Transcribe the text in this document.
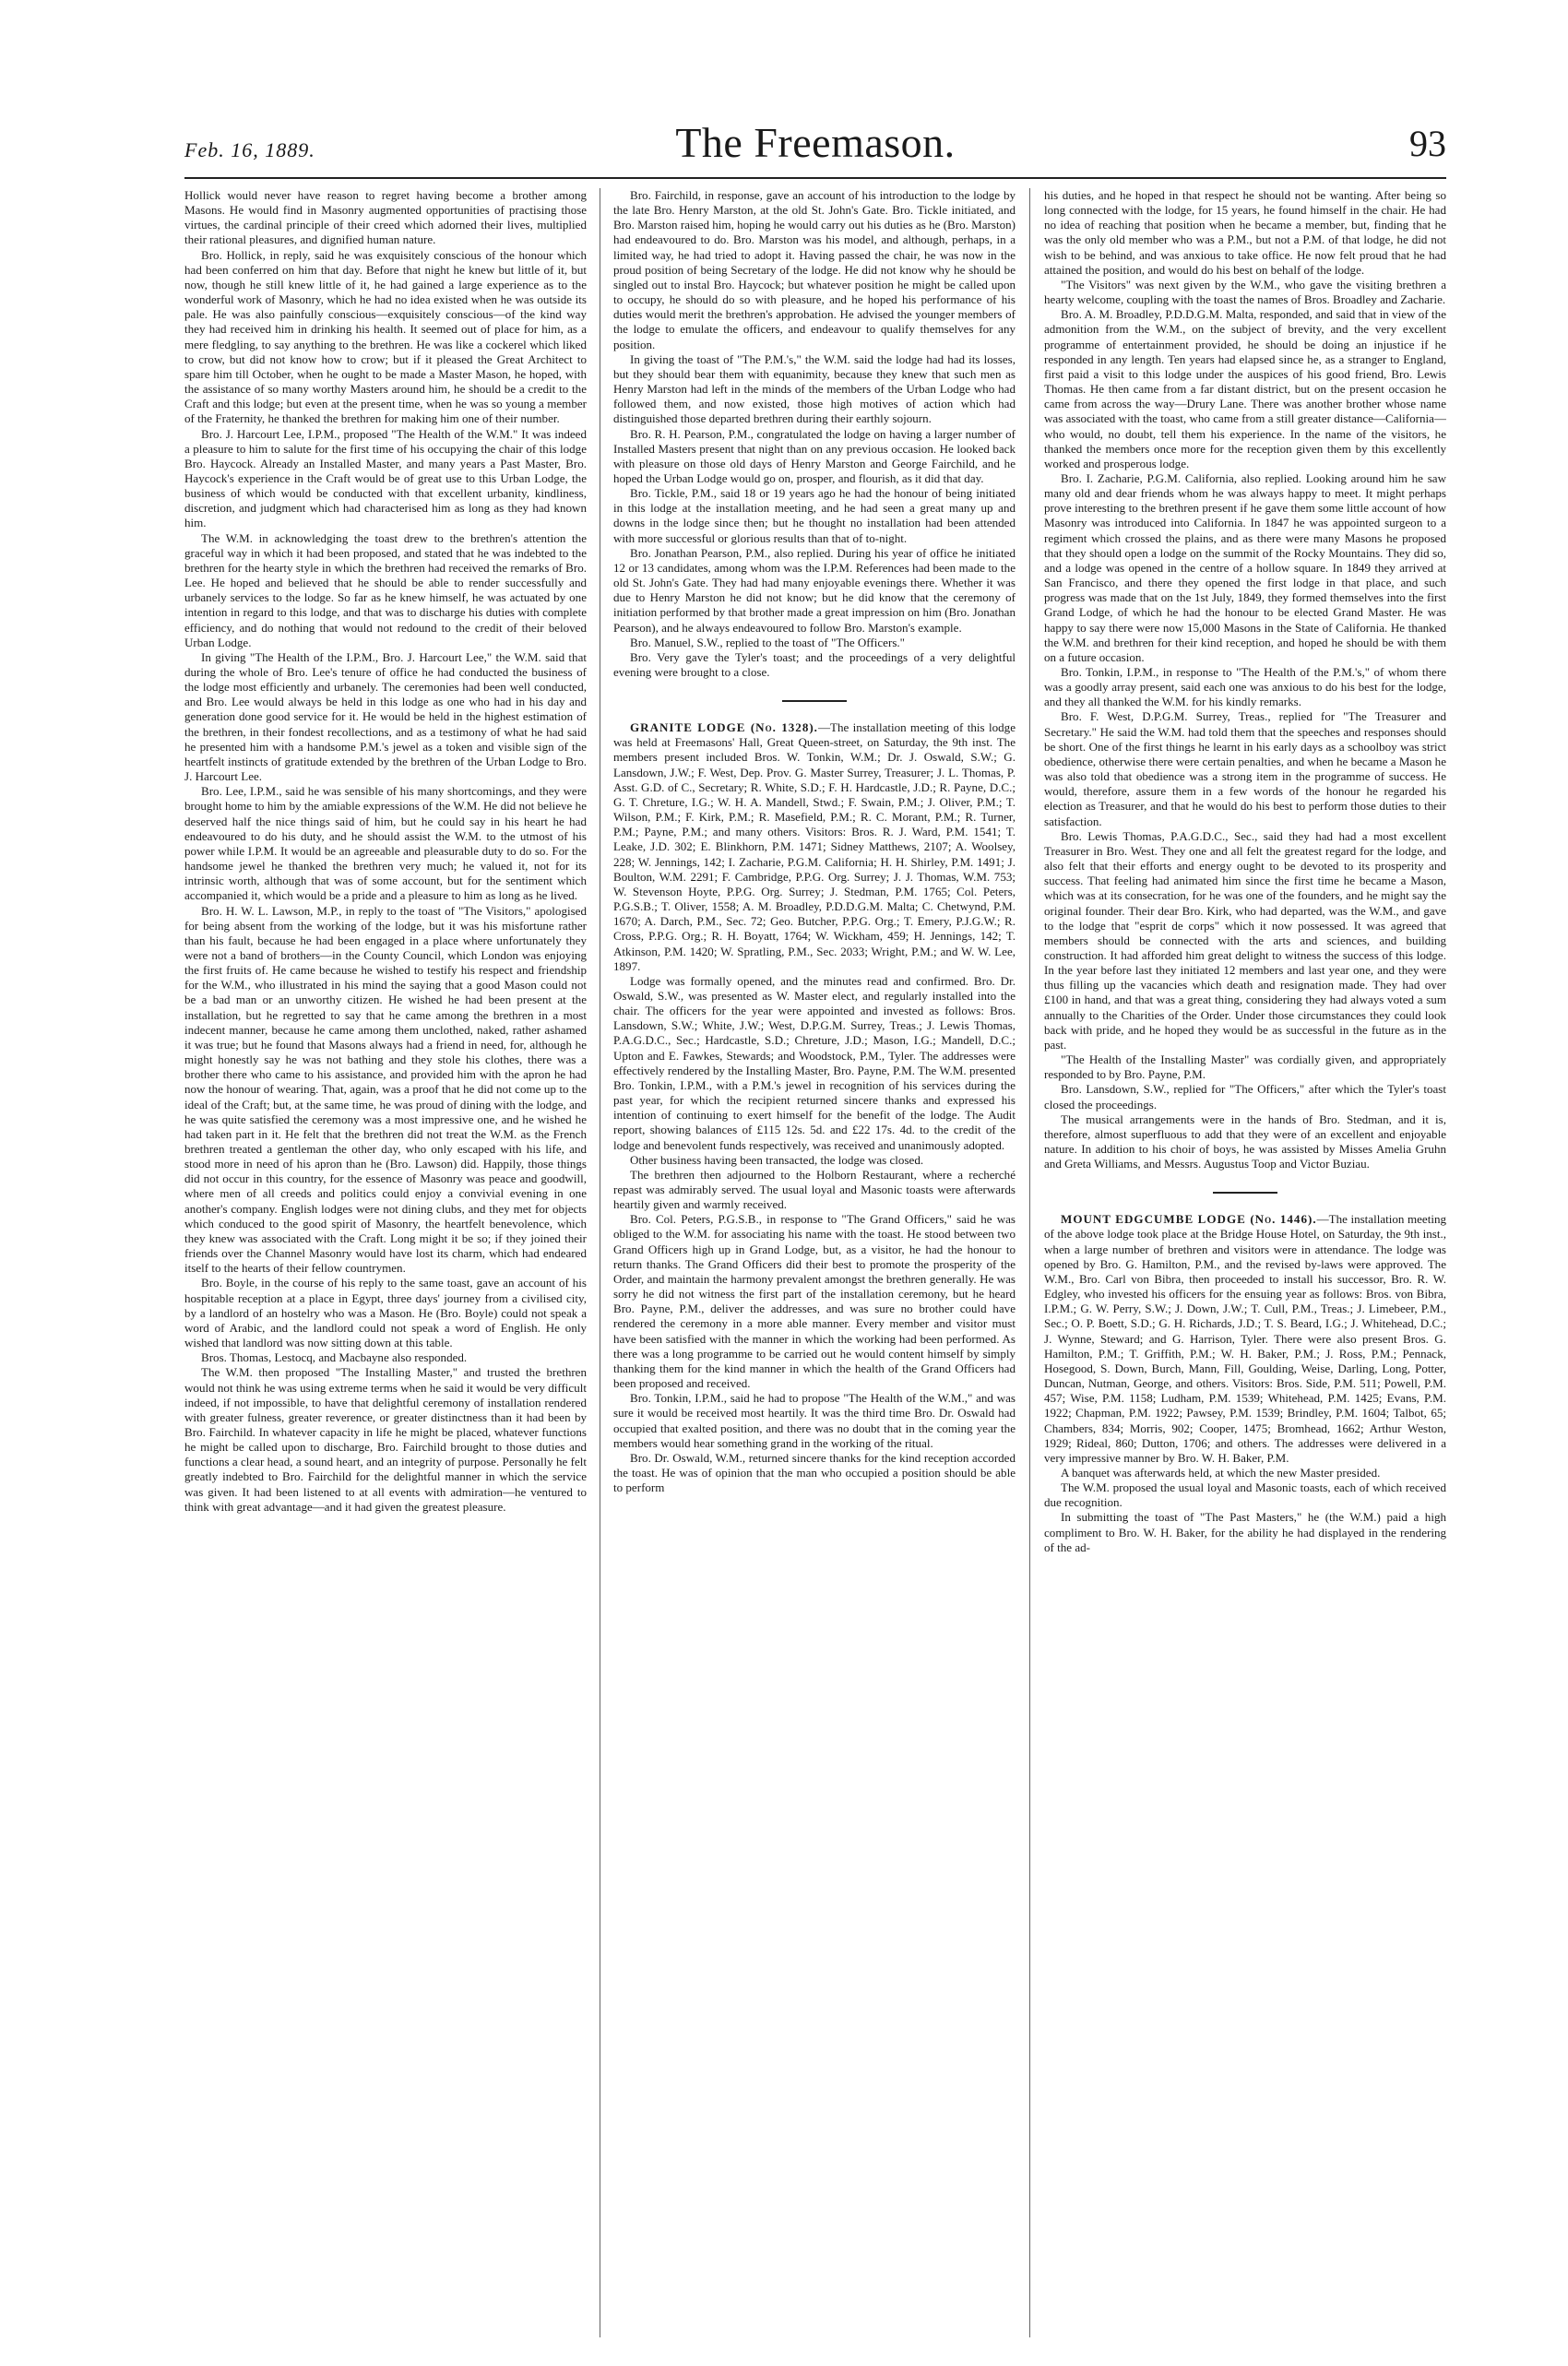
Feb. 16, 1889.	The Freemason.	93

Hollick would never have reason to regret having become a brother among Masons. He would find in Masonry augmented opportunities of practising those virtues, the cardinal principle of their creed which adorned their lives, multiplied their rational pleasures, and dignified human nature.

Bro. Hollick, in reply, said he was exquisitely conscious of the honour which had been conferred on him that day. Before that night he knew but little of it, but now, though he still knew little of it, he had gained a large experience as to the wonderful work of Masonry, which he had no idea existed when he was outside its pale. He was also painfully conscious—exquisitely conscious—of the kind way they had received him in drinking his health. It seemed out of place for him, as a mere fledgling, to say anything to the brethren. He was like a cockerel which liked to crow, but did not know how to crow; but if it pleased the Great Architect to spare him till October, when he ought to be made a Master Mason, he hoped, with the assistance of so many worthy Masters around him, he should be a credit to the Craft and this lodge; but even at the present time, when he was so young a member of the Fraternity, he thanked the brethren for making him one of their number.

Bro. J. Harcourt Lee, I.P.M., proposed "The Health of the W.M." It was indeed a pleasure to him to salute for the first time of his occupying the chair of this lodge Bro. Haycock. Already an Installed Master, and many years a Past Master, Bro. Haycock's experience in the Craft would be of great use to this Urban Lodge, the business of which would be conducted with that excellent urbanity, kindliness, discretion, and judgment which had characterised him as long as they had known him.

The W.M. in acknowledging the toast drew to the brethren's attention the graceful way in which it had been proposed, and stated that he was indebted to the brethren for the hearty style in which the brethren had received the remarks of Bro. Lee. He hoped and believed that he should be able to render successfully and urbanely services to the lodge. So far as he knew himself, he was actuated by one intention in regard to this lodge, and that was to discharge his duties with complete efficiency, and do nothing that would not redound to the credit of their beloved Urban Lodge.

In giving "The Health of the I.P.M., Bro. J. Harcourt Lee," the W.M. said that during the whole of Bro. Lee's tenure of office he had conducted the business of the lodge most efficiently and urbanely. The ceremonies had been well conducted, and Bro. Lee would always be held in this lodge as one who had in his day and generation done good service for it. He would be held in the highest estimation of the brethren, in their fondest recollections, and as a testimony of what he had said he presented him with a handsome P.M.'s jewel as a token and visible sign of the heartfelt instincts of gratitude extended by the brethren of the Urban Lodge to Bro. J. Harcourt Lee.

Bro. Lee, I.P.M., said he was sensible of his many shortcomings, and they were brought home to him by the amiable expressions of the W.M. He did not believe he deserved half the nice things said of him, but he could say in his heart he had endeavoured to do his duty, and he should assist the W.M. to the utmost of his power while I.P.M. It would be an agreeable and pleasurable duty to do so. For the handsome jewel he thanked the brethren very much; he valued it, not for its intrinsic worth, although that was of some account, but for the sentiment which accompanied it, which would be a pride and a pleasure to him as long as he lived.

Bro. H. W. L. Lawson, M.P., in reply to the toast of "The Visitors," apologised for being absent from the working of the lodge, but it was his misfortune rather than his fault, because he had been engaged in a place where unfortunately they were not a band of brothers—in the County Council, which London was enjoying the first fruits of. He came because he wished to testify his respect and friendship for the W.M., who illustrated in his mind the saying that a good Mason could not be a bad man or an unworthy citizen. He wished he had been present at the installation, but he regretted to say that he came among the brethren in a most indecent manner, because he came among them unclothed, naked, rather ashamed it was true; but he found that Masons always had a friend in need, for, although he might honestly say he was not bathing and they stole his clothes, there was a brother there who came to his assistance, and provided him with the apron he had now the honour of wearing. That, again, was a proof that he did not come up to the ideal of the Craft; but, at the same time, he was proud of dining with the lodge, and he was quite satisfied the ceremony was a most impressive one, and he wished he had taken part in it. He felt that the brethren did not treat the W.M. as the French brethren treated a gentleman the other day, who only escaped with his life, and stood more in need of his apron than he (Bro. Lawson) did. Happily, those things did not occur in this country, for the essence of Masonry was peace and goodwill, where men of all creeds and politics could enjoy a convivial evening in one another's company. English lodges were not dining clubs, and they met for objects which conduced to the good spirit of Masonry, the heartfelt benevolence, which they knew was associated with the Craft. Long might it be so; if they joined their friends over the Channel Masonry would have lost its charm, which had endeared itself to the hearts of their fellow countrymen.

Bro. Boyle, in the course of his reply to the same toast, gave an account of his hospitable reception at a place in Egypt, three days' journey from a civilised city, by a landlord of an hostelry who was a Mason. He (Bro. Boyle) could not speak a word of Arabic, and the landlord could not speak a word of English. He only wished that landlord was now sitting down at this table.

Bros. Thomas, Lestocq, and Macbayne also responded.

The W.M. then proposed "The Installing Master," and trusted the brethren would not think he was using extreme terms when he said it would be very difficult indeed, if not impossible, to have that delightful ceremony of installation rendered with greater fulness, greater reverence, or greater distinctness than it had been by Bro. Fairchild. In whatever capacity in life he might be placed, whatever functions he might be called upon to discharge, Bro. Fairchild brought to those duties and functions a clear head, a sound heart, and an integrity of purpose. Personally he felt greatly indebted to Bro. Fairchild for the delightful manner in which the service was given. It had been listened to at all events with admiration—he ventured to think with great advantage—and it had given the greatest pleasure.

Bro. Fairchild, in response, gave an account of his introduction to the lodge by the late Bro. Henry Marston, at the old St. John's Gate. Bro. Tickle initiated, and Bro. Marston raised him, hoping he would carry out his duties as he (Bro. Marston) had endeavoured to do. Bro. Marston was his model, and although, perhaps, in a limited way, he had tried to adopt it. Having passed the chair, he was now in the proud position of being Secretary of the lodge. He did not know why he should be singled out to instal Bro. Haycock; but whatever position he might be called upon to occupy, he should do so with pleasure, and he hoped his performance of his duties would merit the brethren's approbation. He advised the younger members of the lodge to emulate the officers, and endeavour to qualify themselves for any position.

In giving the toast of "The P.M.'s," the W.M. said the lodge had had its losses, but they should bear them with equanimity, because they knew that such men as Henry Marston had left in the minds of the members of the Urban Lodge who had followed them, and now existed, those high motives of action which had distinguished those departed brethren during their earthly sojourn.

Bro. R. H. Pearson, P.M., congratulated the lodge on having a larger number of Installed Masters present that night than on any previous occasion. He looked back with pleasure on those old days of Henry Marston and George Fairchild, and he hoped the Urban Lodge would go on, prosper, and flourish, as it did that day.

Bro. Tickle, P.M., said 18 or 19 years ago he had the honour of being initiated in this lodge at the installation meeting, and he had seen a great many up and downs in the lodge since then; but he thought no installation had been attended with more successful or glorious results than that of to-night.

Bro. Jonathan Pearson, P.M., also replied. During his year of office he initiated 12 or 13 candidates, among whom was the I.P.M. References had been made to the old St. John's Gate. They had had many enjoyable evenings there. Whether it was due to Henry Marston he did not know; but he did know that the ceremony of initiation performed by that brother made a great impression on him (Bro. Jonathan Pearson), and he always endeavoured to follow Bro. Marston's example.

Bro. Manuel, S.W., replied to the toast of "The Officers."

Bro. Very gave the Tyler's toast; and the proceedings of a very delightful evening were brought to a close.

GRANITE LODGE (No. 1328).—The installation meeting of this lodge was held at Freemasons' Hall, Great Queen-street, on Saturday, the 9th inst. The members present included Bros. W. Tonkin, W.M.; Dr. J. Oswald, S.W.; G. Lansdown, J.W.; F. West, Dep. Prov. G. Master Surrey, Treasurer; J. L. Thomas, P. Asst. G.D. of C., Secretary; R. White, S.D.; F. H. Hardcastle, J.D.; R. Payne, D.C.; G. T. Chreture, I.G.; W. H. A. Mandell, Stwd.; F. Swain, P.M.; J. Oliver, P.M.; T. Wilson, P.M.; F. Kirk, P.M.; R. Masefield, P.M.; R. C. Morant, P.M.; R. Turner, P.M.; Payne, P.M.; and many others. Visitors: Bros. R. J. Ward, P.M. 1541; T. Leake, J.D. 302; E. Blinkhorn, P.M. 1471; Sidney Matthews, 2107; A. Woolsey, 228; W. Jennings, 142; I. Zacharie, P.G.M. California; H. H. Shirley, P.M. 1491; J. Boulton, W.M. 2291; F. Cambridge, P.P.G. Org. Surrey; J. J. Thomas, W.M. 753; W. Stevenson Hoyte, P.P.G. Org. Surrey; J. Stedman, P.M. 1765; Col. Peters, P.G.S.B.; T. Oliver, 1558; A. M. Broadley, P.D.D.G.M. Malta; C. Chetwynd, P.M. 1670; A. Darch, P.M., Sec. 72; Geo. Butcher, P.P.G. Org.; T. Emery, P.J.G.W.; R. Cross, P.P.G. Org.; R. H. Boyatt, 1764; W. Wickham, 459; H. Jennings, 142; T. Atkinson, P.M. 1420; W. Spratling, P.M., Sec. 2033; Wright, P.M.; and W. W. Lee, 1897.

Lodge was formally opened, and the minutes read and confirmed. Bro. Dr. Oswald, S.W., was presented as W. Master elect, and regularly installed into the chair. The officers for the year were appointed and invested as follows: Bros. Lansdown, S.W.; White, J.W.; West, D.P.G.M. Surrey, Treas.; J. Lewis Thomas, P.A.G.D.C., Sec.; Hardcastle, S.D.; Chreture, J.D.; Mason, I.G.; Mandell, D.C.; Upton and E. Fawkes, Stewards; and Woodstock, P.M., Tyler. The addresses were effectively rendered by the Installing Master, Bro. Payne, P.M. The W.M. presented Bro. Tonkin, I.P.M., with a P.M.'s jewel in recognition of his services during the past year, for which the recipient returned sincere thanks and expressed his intention of continuing to exert himself for the benefit of the lodge. The Audit report, showing balances of £115 12s. 5d. and £22 17s. 4d. to the credit of the lodge and benevolent funds respectively, was received and unanimously adopted.

Other business having been transacted, the lodge was closed.

The brethren then adjourned to the Holborn Restaurant, where a recherché repast was admirably served. The usual loyal and Masonic toasts were afterwards heartily given and warmly received.

Bro. Col. Peters, P.G.S.B., in response to "The Grand Officers," said he was obliged to the W.M. for associating his name with the toast. He stood between two Grand Officers high up in Grand Lodge, but, as a visitor, he had the honour to return thanks. The Grand Officers did their best to promote the prosperity of the Order, and maintain the harmony prevalent amongst the brethren generally. He was sorry he did not witness the first part of the installation ceremony, but he heard Bro. Payne, P.M., deliver the addresses, and was sure no brother could have rendered the ceremony in a more able manner. Every member and visitor must have been satisfied with the manner in which the working had been performed. As there was a long programme to be carried out he would content himself by simply thanking them for the kind manner in which the health of the Grand Officers had been proposed and received.

Bro. Tonkin, I.P.M., said he had to propose "The Health of the W.M.," and was sure it would be received most heartily. It was the third time Bro. Dr. Oswald had occupied that exalted position, and there was no doubt that in the coming year the members would hear something grand in the working of the ritual.

Bro. Dr. Oswald, W.M., returned sincere thanks for the kind reception accorded the toast. He was of opinion that the man who occupied a position should be able to perform

his duties, and he hoped in that respect he should not be wanting. After being so long connected with the lodge, for 15 years, he found himself in the chair. He had no idea of reaching that position when he became a member, but, finding that he was the only old member who was a P.M., but not a P.M. of that lodge, he did not wish to be behind, and was anxious to take office. He now felt proud that he had attained the position, and would do his best on behalf of the lodge.

"The Visitors" was next given by the W.M., who gave the visiting brethren a hearty welcome, coupling with the toast the names of Bros. Broadley and Zacharie.

Bro. A. M. Broadley, P.D.D.G.M. Malta, responded, and said that in view of the admonition from the W.M., on the subject of brevity, and the very excellent programme of entertainment provided, he should be doing an injustice if he responded in any length. Ten years had elapsed since he, as a stranger to England, first paid a visit to this lodge under the auspices of his good friend, Bro. Lewis Thomas. He then came from a far distant district, but on the present occasion he came from across the way—Drury Lane. There was another brother whose name was associated with the toast, who came from a still greater distance—California—who would, no doubt, tell them his experience. In the name of the visitors, he thanked the members once more for the reception given them by this excellently worked and prosperous lodge.

Bro. I. Zacharie, P.G.M. California, also replied. Looking around him he saw many old and dear friends whom he was always happy to meet. It might perhaps prove interesting to the brethren present if he gave them some little account of how Masonry was introduced into California. In 1847 he was appointed surgeon to a regiment which crossed the plains, and as there were many Masons he proposed that they should open a lodge on the summit of the Rocky Mountains. They did so, and a lodge was opened in the centre of a hollow square. In 1849 they arrived at San Francisco, and there they opened the first lodge in that place, and such progress was made that on the 1st July, 1849, they formed themselves into the first Grand Lodge, of which he had the honour to be elected Grand Master. He was happy to say there were now 15,000 Masons in the State of California. He thanked the W.M. and brethren for their kind reception, and hoped he should be with them on a future occasion.

Bro. Tonkin, I.P.M., in response to "The Health of the P.M.'s," of whom there was a goodly array present, said each one was anxious to do his best for the lodge, and they all thanked the W.M. for his kindly remarks.

Bro. F. West, D.P.G.M. Surrey, Treas., replied for "The Treasurer and Secretary." He said the W.M. had told them that the speeches and responses should be short. One of the first things he learnt in his early days as a schoolboy was strict obedience, otherwise there were certain penalties, and when he became a Mason he was also told that obedience was a strong item in the programme of success. He would, therefore, assure them in a few words of the honour he regarded his election as Treasurer, and that he would do his best to perform those duties to their satisfaction.

Bro. Lewis Thomas, P.A.G.D.C., Sec., said they had had a most excellent Treasurer in Bro. West. They one and all felt the greatest regard for the lodge, and also felt that their efforts and energy ought to be devoted to its prosperity and success. That feeling had animated him since the first time he became a Mason, which was at its consecration, for he was one of the founders, and he might say the original founder. Their dear Bro. Kirk, who had departed, was the W.M., and gave to the lodge that "esprit de corps" which it now possessed. It was agreed that members should be connected with the arts and sciences, and building construction. It had afforded him great delight to witness the success of this lodge. In the year before last they initiated 12 members and last year one, and they were thus filling up the vacancies which death and resignation made. They had over £100 in hand, and that was a great thing, considering they had always voted a sum annually to the Charities of the Order. Under those circumstances they could look back with pride, and he hoped they would be as successful in the future as in the past.

"The Health of the Installing Master" was cordially given, and appropriately responded to by Bro. Payne, P.M.

Bro. Lansdown, S.W., replied for "The Officers," after which the Tyler's toast closed the proceedings.

The musical arrangements were in the hands of Bro. Stedman, and it is, therefore, almost superfluous to add that they were of an excellent and enjoyable nature. In addition to his choir of boys, he was assisted by Misses Amelia Gruhn and Greta Williams, and Messrs. Augustus Toop and Victor Buziau.

MOUNT EDGCUMBE LODGE (No. 1446).—The installation meeting of the above lodge took place at the Bridge House Hotel, on Saturday, the 9th inst., when a large number of brethren and visitors were in attendance. The lodge was opened by Bro. G. Hamilton, P.M., and the revised by-laws were approved. The W.M., Bro. Carl von Bibra, then proceeded to install his successor, Bro. R. W. Edgley, who invested his officers for the ensuing year as follows: Bros. von Bibra, I.P.M.; G. W. Perry, S.W.; J. Down, J.W.; T. Cull, P.M., Treas.; J. Limebeer, P.M., Sec.; O. P. Boett, S.D.; G. H. Richards, J.D.; T. S. Beard, I.G.; J. Whitehead, D.C.; J. Wynne, Steward; and G. Harrison, Tyler. There were also present Bros. G. Hamilton, P.M.; T. Griffith, P.M.; W. H. Baker, P.M.; J. Ross, P.M.; Pennack, Hosegood, S. Down, Burch, Mann, Fill, Goulding, Weise, Darling, Long, Potter, Duncan, Nutman, George, and others. Visitors: Bros. Side, P.M. 511; Powell, P.M. 457; Wise, P.M. 1158; Ludham, P.M. 1539; Whitehead, P.M. 1425; Evans, P.M. 1922; Chapman, P.M. 1922; Pawsey, P.M. 1539; Brindley, P.M. 1604; Talbot, 65; Chambers, 834; Morris, 902; Cooper, 1475; Bromhead, 1662; Arthur Weston, 1929; Rideal, 860; Dutton, 1706; and others. The addresses were delivered in a very impressive manner by Bro. W. H. Baker, P.M.

A banquet was afterwards held, at which the new Master presided.

The W.M. proposed the usual loyal and Masonic toasts, each of which received due recognition.

In submitting the toast of "The Past Masters," he (the W.M.) paid a high compliment to Bro. W. H. Baker, for the ability he had displayed in the rendering of the ad-
